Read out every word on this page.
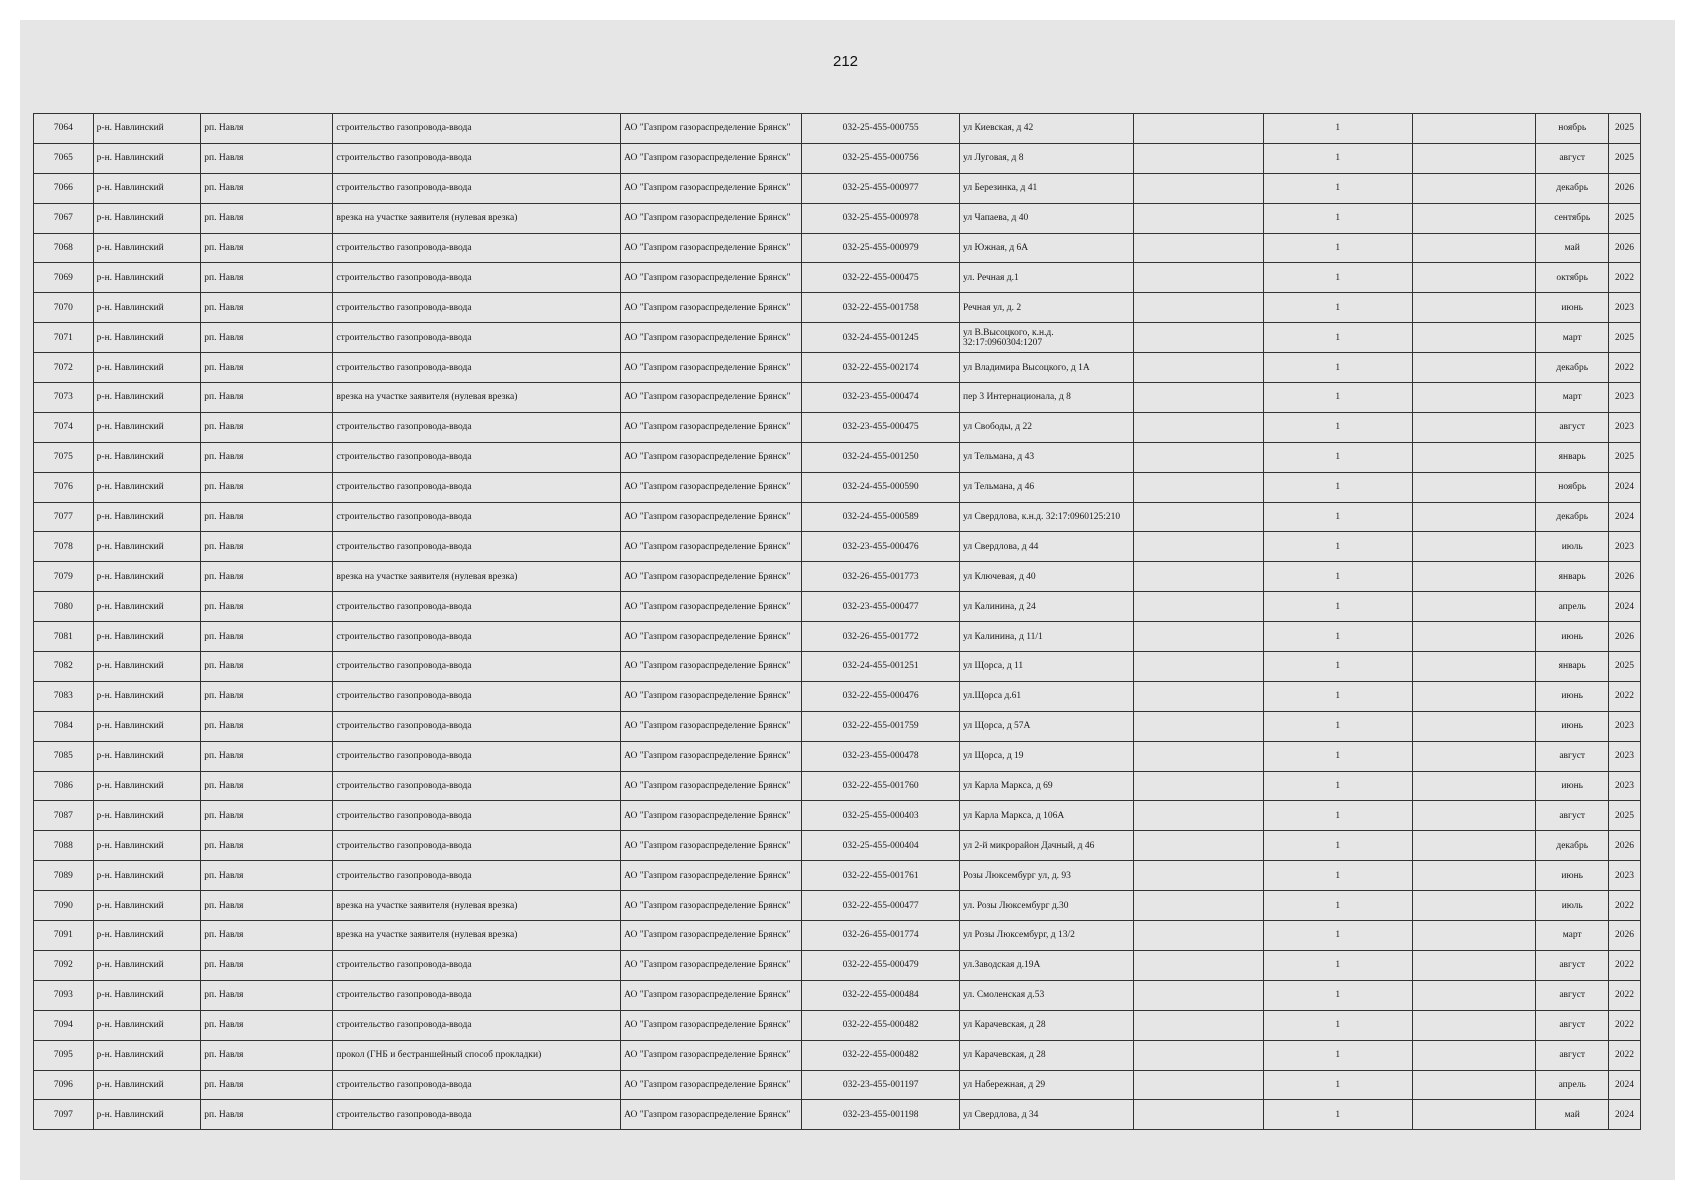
212
7064	р-н. Навлинский	рп. Навля	строительство газопровода-ввода	АО "Газпром газораспределение Брянск"	032-25-455-000755	ул Киевская, д 42		1		ноябрь	2025
7065	р-н. Навлинский	рп. Навля	строительство газопровода-ввода	АО "Газпром газораспределение Брянск"	032-25-455-000756	ул Луговая, д 8		1		август	2025
7066	р-н. Навлинский	рп. Навля	строительство газопровода-ввода	АО "Газпром газораспределение Брянск"	032-25-455-000977	ул Березинка, д 41		1		декабрь	2026
7067	р-н. Навлинский	рп. Навля	врезка на участке заявителя (нулевая врезка)	АО "Газпром газораспределение Брянск"	032-25-455-000978	ул Чапаева, д 40		1		сентябрь	2025
7068	р-н. Навлинский	рп. Навля	строительство газопровода-ввода	АО "Газпром газораспределение Брянск"	032-25-455-000979	ул Южная, д 6А		1		май	2026
7069	р-н. Навлинский	рп. Навля	строительство газопровода-ввода	АО "Газпром газораспределение Брянск"	032-22-455-000475	ул. Речная д.1		1		октябрь	2022
7070	р-н. Навлинский	рп. Навля	строительство газопровода-ввода	АО "Газпром газораспределение Брянск"	032-22-455-001758	Речная ул, д. 2		1		июнь	2023
7071	р-н. Навлинский	рп. Навля	строительство газопровода-ввода	АО "Газпром газораспределение Брянск"	032-24-455-001245	ул В.Высоцкого, к.н.д. 32:17:0960304:1207		1		март	2025
7072	р-н. Навлинский	рп. Навля	строительство газопровода-ввода	АО "Газпром газораспределение Брянск"	032-22-455-002174	ул Владимира Высоцкого, д 1А		1		декабрь	2022
7073	р-н. Навлинский	рп. Навля	врезка на участке заявителя (нулевая врезка)	АО "Газпром газораспределение Брянск"	032-23-455-000474	пер 3 Интернационала, д 8		1		март	2023
7074	р-н. Навлинский	рп. Навля	строительство газопровода-ввода	АО "Газпром газораспределение Брянск"	032-23-455-000475	ул Свободы, д 22		1		август	2023
7075	р-н. Навлинский	рп. Навля	строительство газопровода-ввода	АО "Газпром газораспределение Брянск"	032-24-455-001250	ул Тельмана, д 43		1		январь	2025
7076	р-н. Навлинский	рп. Навля	строительство газопровода-ввода	АО "Газпром газораспределение Брянск"	032-24-455-000590	ул Тельмана, д 46		1		ноябрь	2024
7077	р-н. Навлинский	рп. Навля	строительство газопровода-ввода	АО "Газпром газораспределение Брянск"	032-24-455-000589	ул Свердлова, к.н.д. 32:17:0960125:210		1		декабрь	2024
7078	р-н. Навлинский	рп. Навля	строительство газопровода-ввода	АО "Газпром газораспределение Брянск"	032-23-455-000476	ул Свердлова, д 44		1		июль	2023
7079	р-н. Навлинский	рп. Навля	врезка на участке заявителя (нулевая врезка)	АО "Газпром газораспределение Брянск"	032-26-455-001773	ул Ключевая, д 40		1		январь	2026
7080	р-н. Навлинский	рп. Навля	строительство газопровода-ввода	АО "Газпром газораспределение Брянск"	032-23-455-000477	ул Калинина, д 24		1		апрель	2024
7081	р-н. Навлинский	рп. Навля	строительство газопровода-ввода	АО "Газпром газораспределение Брянск"	032-26-455-001772	ул Калинина, д 11/1		1		июнь	2026
7082	р-н. Навлинский	рп. Навля	строительство газопровода-ввода	АО "Газпром газораспределение Брянск"	032-24-455-001251	ул Щорса, д 11		1		январь	2025
7083	р-н. Навлинский	рп. Навля	строительство газопровода-ввода	АО "Газпром газораспределение Брянск"	032-22-455-000476	ул.Щорса д.61		1		июнь	2022
7084	р-н. Навлинский	рп. Навля	строительство газопровода-ввода	АО "Газпром газораспределение Брянск"	032-22-455-001759	ул Щорса, д 57А		1		июнь	2023
7085	р-н. Навлинский	рп. Навля	строительство газопровода-ввода	АО "Газпром газораспределение Брянск"	032-23-455-000478	ул Щорса, д 19		1		август	2023
7086	р-н. Навлинский	рп. Навля	строительство газопровода-ввода	АО "Газпром газораспределение Брянск"	032-22-455-001760	ул Карла Маркса, д 69		1		июнь	2023
7087	р-н. Навлинский	рп. Навля	строительство газопровода-ввода	АО "Газпром газораспределение Брянск"	032-25-455-000403	ул Карла Маркса, д 106А		1		август	2025
7088	р-н. Навлинский	рп. Навля	строительство газопровода-ввода	АО "Газпром газораспределение Брянск"	032-25-455-000404	ул 2-й микрорайон Дачный, д 46		1		декабрь	2026
7089	р-н. Навлинский	рп. Навля	строительство газопровода-ввода	АО "Газпром газораспределение Брянск"	032-22-455-001761	Розы Люксембург ул, д. 93		1		июнь	2023
7090	р-н. Навлинский	рп. Навля	врезка на участке заявителя (нулевая врезка)	АО "Газпром газораспределение Брянск"	032-22-455-000477	ул. Розы Люксембург д.30		1		июль	2022
7091	р-н. Навлинский	рп. Навля	врезка на участке заявителя (нулевая врезка)	АО "Газпром газораспределение Брянск"	032-26-455-001774	ул Розы Люксембург, д 13/2		1		март	2026
7092	р-н. Навлинский	рп. Навля	строительство газопровода-ввода	АО "Газпром газораспределение Брянск"	032-22-455-000479	ул.Заводская д.19А		1		август	2022
7093	р-н. Навлинский	рп. Навля	строительство газопровода-ввода	АО "Газпром газораспределение Брянск"	032-22-455-000484	ул. Смоленская д.53		1		август	2022
7094	р-н. Навлинский	рп. Навля	строительство газопровода-ввода	АО "Газпром газораспределение Брянск"	032-22-455-000482	ул Карачевская, д 28		1		август	2022
7095	р-н. Навлинский	рп. Навля	прокол (ГНБ и бестраншейный способ прокладки)	АО "Газпром газораспределение Брянск"	032-22-455-000482	ул Карачевская, д 28		1		август	2022
7096	р-н. Навлинский	рп. Навля	строительство газопровода-ввода	АО "Газпром газораспределение Брянск"	032-23-455-001197	ул Набережная, д 29		1		апрель	2024
7097	р-н. Навлинский	рп. Навля	строительство газопровода-ввода	АО "Газпром газораспределение Брянск"	032-23-455-001198	ул Свердлова, д 34		1		май	2024
